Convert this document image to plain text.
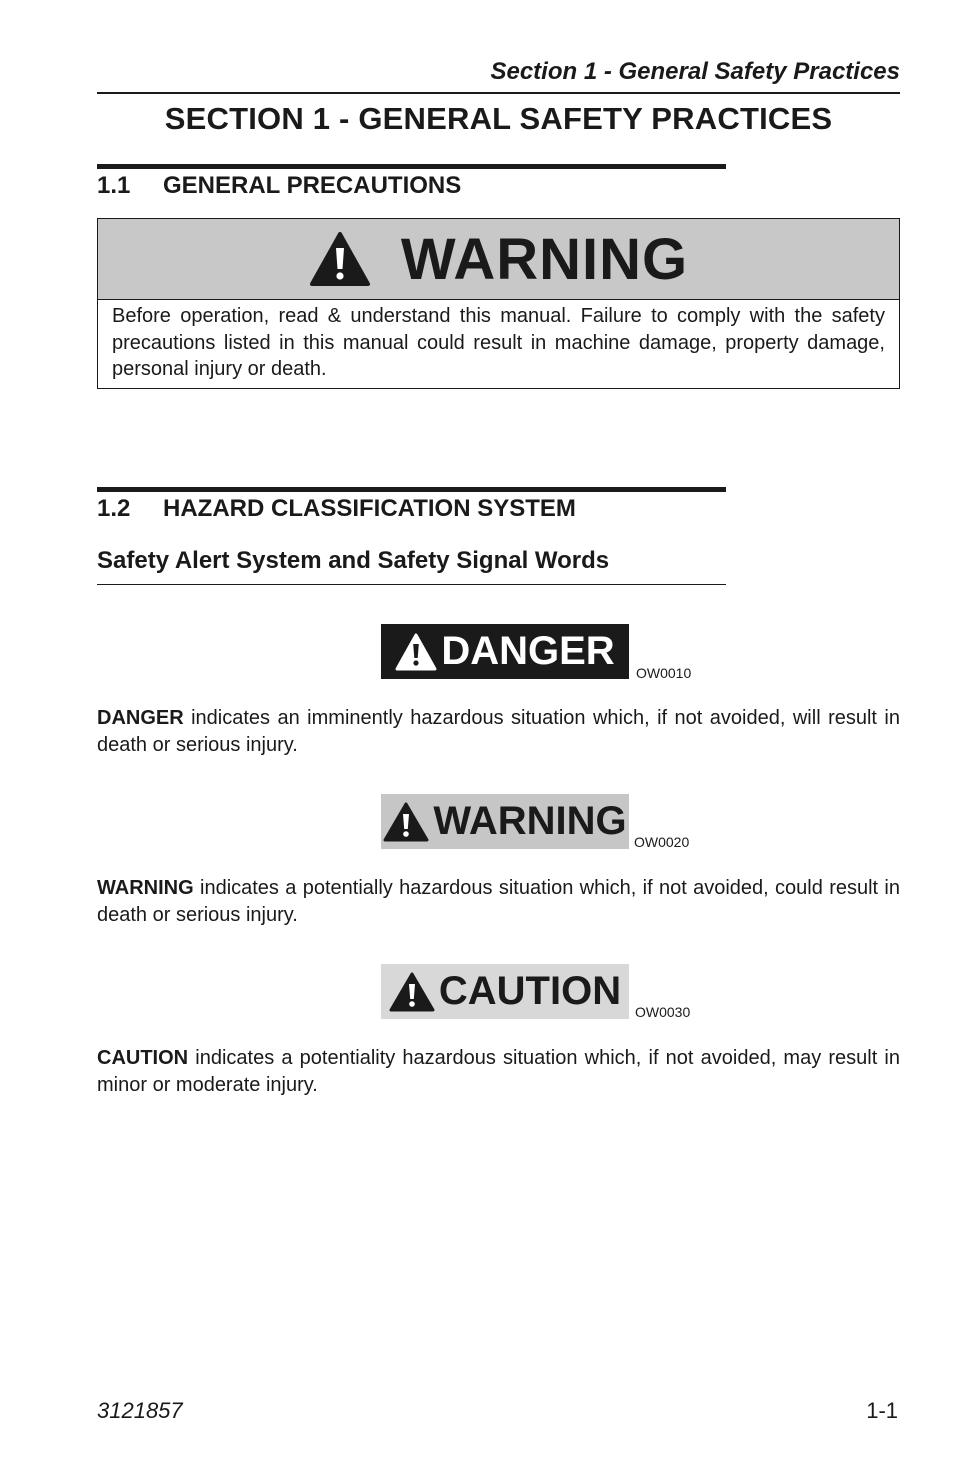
Section 1 - General Safety Practices
SECTION 1 - GENERAL SAFETY PRACTICES
1.1 GENERAL PRECAUTIONS
WARNING
Before operation, read & understand this manual. Failure to comply with the safety precautions listed in this manual could result in machine damage, property damage, personal injury or death.
1.2 HAZARD CLASSIFICATION SYSTEM
Safety Alert System and Safety Signal Words
DANGER OW0010
DANGER indicates an imminently hazardous situation which, if not avoided, will result in death or serious injury.
WARNING OW0020
WARNING indicates a potentially hazardous situation which, if not avoided, could result in death or serious injury.
CAUTION OW0030
CAUTION indicates a potentiality hazardous situation which, if not avoided, may result in minor or moderate injury.
3121857	1-1
